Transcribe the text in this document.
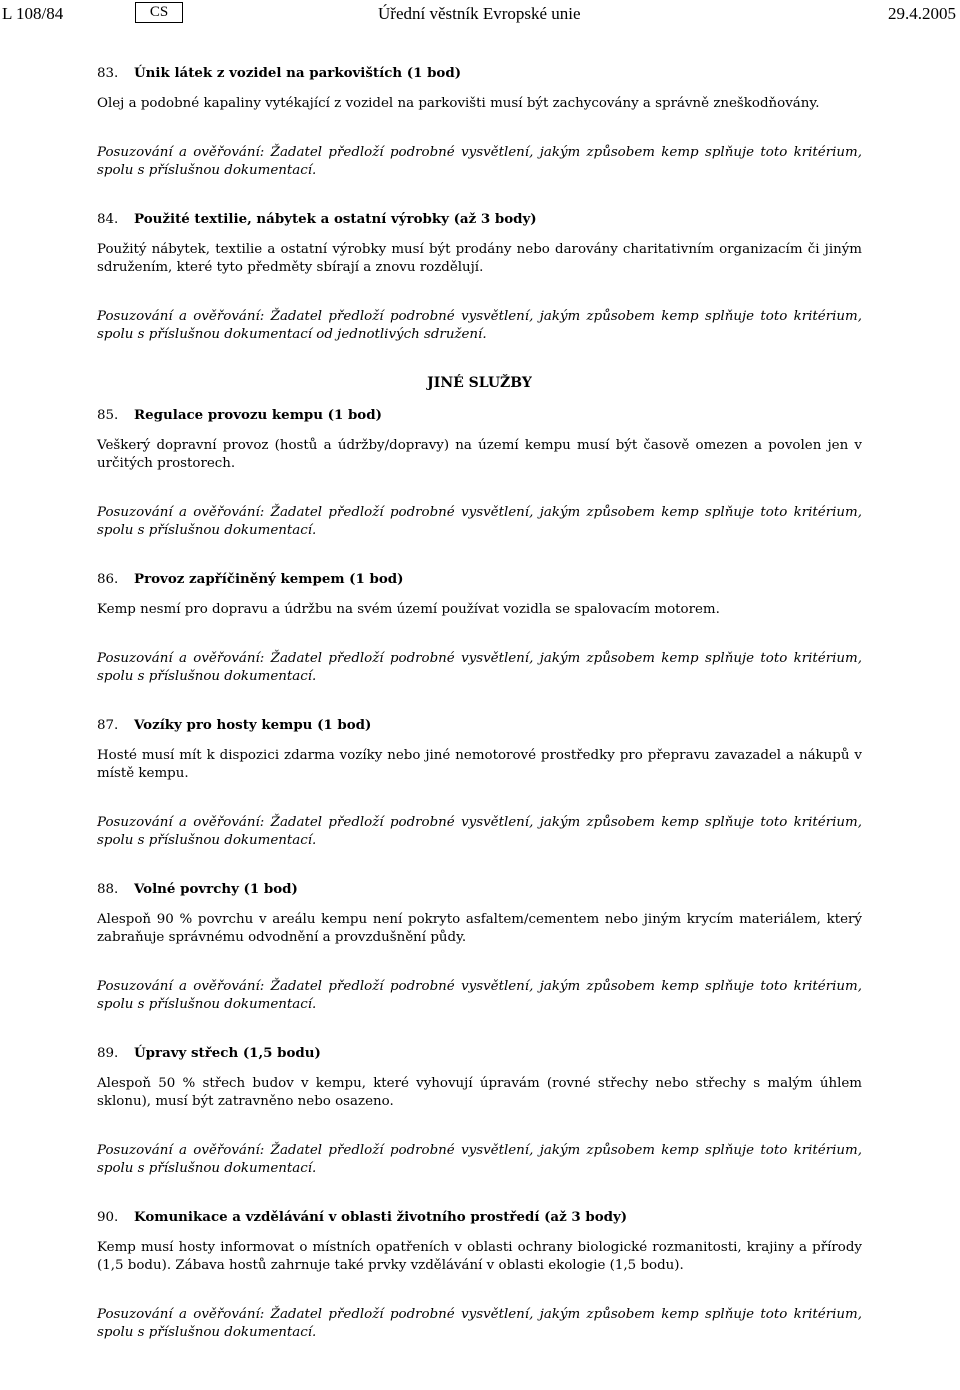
L 108/84	CS	Úřední věstník Evropské unie	29.4.2005

83. Únik látek z vozidel na parkovištích (1 bod)

Olej a podobné kapaliny vytékající z vozidel na parkovišti musí být zachycovány a správně zneškodňovány.

Posuzování a ověřování: Žadatel předloží podrobné vysvětlení, jakým způsobem kemp splňuje toto kritérium, spolu s příslušnou dokumentací.

84. Použité textilie, nábytek a ostatní výrobky (až 3 body)

Použitý nábytek, textilie a ostatní výrobky musí být prodány nebo darovány charitativním organizacím či jiným sdružením, které tyto předměty sbírají a znovu rozdělují.

Posuzování a ověřování: Žadatel předloží podrobné vysvětlení, jakým způsobem kemp splňuje toto kritérium, spolu s příslušnou dokumentací od jednotlivých sdružení.

JINÉ SLUŽBY

85. Regulace provozu kempu (1 bod)

Veškerý dopravní provoz (hostů a údržby/dopravy) na území kempu musí být časově omezen a povolen jen v určitých prostorech.

Posuzování a ověřování: Žadatel předloží podrobné vysvětlení, jakým způsobem kemp splňuje toto kritérium, spolu s příslušnou dokumentací.

86. Provoz zapříčiněný kempem (1 bod)

Kemp nesmí pro dopravu a údržbu na svém území používat vozidla se spalovacím motorem.

Posuzování a ověřování: Žadatel předloží podrobné vysvětlení, jakým způsobem kemp splňuje toto kritérium, spolu s příslušnou dokumentací.

87. Vozíky pro hosty kempu (1 bod)

Hosté musí mít k dispozici zdarma vozíky nebo jiné nemotorové prostředky pro přepravu zavazadel a nákupů v místě kempu.

Posuzování a ověřování: Žadatel předloží podrobné vysvětlení, jakým způsobem kemp splňuje toto kritérium, spolu s příslušnou dokumentací.

88. Volné povrchy (1 bod)

Alespoň 90 % povrchu v areálu kempu není pokryto asfaltem/cementem nebo jiným krycím materiálem, který zabraňuje správnému odvodnění a provzdušnění půdy.

Posuzování a ověřování: Žadatel předloží podrobné vysvětlení, jakým způsobem kemp splňuje toto kritérium, spolu s příslušnou dokumentací.

89. Úpravy střech (1,5 bodu)

Alespoň 50 % střech budov v kempu, které vyhovují úpravám (rovné střechy nebo střechy s malým úhlem sklonu), musí být zatravněno nebo osazeno.

Posuzování a ověřování: Žadatel předloží podrobné vysvětlení, jakým způsobem kemp splňuje toto kritérium, spolu s příslušnou dokumentací.

90. Komunikace a vzdělávání v oblasti životního prostředí (až 3 body)

Kemp musí hosty informovat o místních opatřeních v oblasti ochrany biologické rozmanitosti, krajiny a přírody (1,5 bodu). Zábava hostů zahrnuje také prvky vzdělávání v oblasti ekologie (1,5 bodu).

Posuzování a ověřování: Žadatel předloží podrobné vysvětlení, jakým způsobem kemp splňuje toto kritérium, spolu s příslušnou dokumentací.
